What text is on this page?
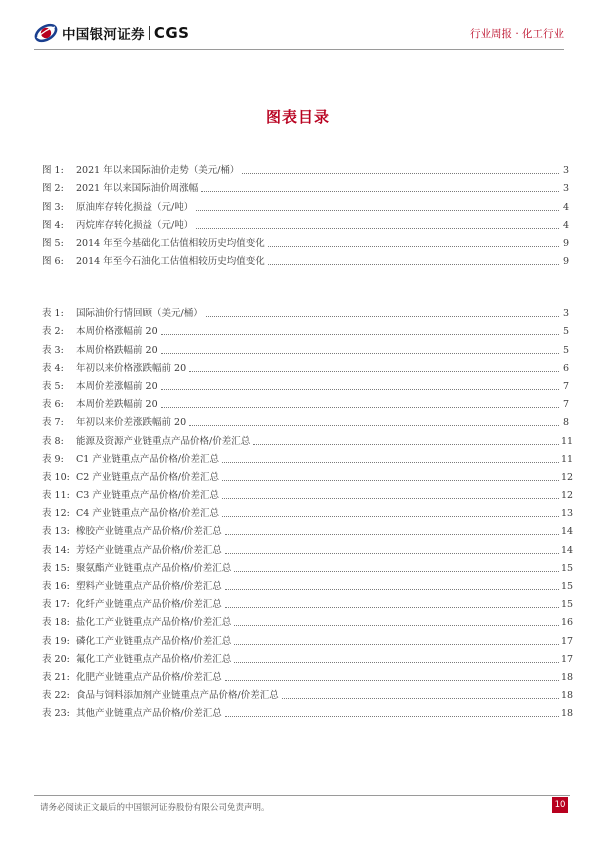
中国银河证券 CGS	行业周报 · 化工行业
图表目录
图 1:	2021 年以来国际油价走势（美元/桶）	3
图 2:	2021 年以来国际油价周涨幅	3
图 3:	原油库存转化损益（元/吨）	4
图 4:	丙烷库存转化损益（元/吨）	4
图 5:	2014 年至今基础化工估值相较历史均值变化	9
图 6:	2014 年至今石油化工估值相较历史均值变化	9
表 1:	国际油价行情回顾（美元/桶）	3
表 2:	本周价格涨幅前 20	5
表 3:	本周价格跌幅前 20	5
表 4:	年初以来价格涨跌幅前 20	6
表 5:	本周价差涨幅前 20	7
表 6:	本周价差跌幅前 20	7
表 7:	年初以来价差涨跌幅前 20	8
表 8:	能源及资源产业链重点产品价格/价差汇总	11
表 9:	C1 产业链重点产品价格/价差汇总	11
表 10: C2 产业链重点产品价格/价差汇总	12
表 11: C3 产业链重点产品价格/价差汇总	12
表 12: C4 产业链重点产品价格/价差汇总	13
表 13: 橡胶产业链重点产品价格/价差汇总	14
表 14: 芳烃产业链重点产品价格/价差汇总	14
表 15: 聚氨酯产业链重点产品价格/价差汇总	15
表 16: 塑料产业链重点产品价格/价差汇总	15
表 17: 化纤产业链重点产品价格/价差汇总	15
表 18: 盐化工产业链重点产品价格/价差汇总	16
表 19: 磷化工产业链重点产品价格/价差汇总	17
表 20: 氟化工产业链重点产品价格/价差汇总	17
表 21: 化肥产业链重点产品价格/价差汇总	18
表 22: 食品与饲料添加剂产业链重点产品价格/价差汇总	18
表 23: 其他产业链重点产品价格/价差汇总	18
请务必阅读正文最后的中国银河证券股份有限公司免责声明。	10
